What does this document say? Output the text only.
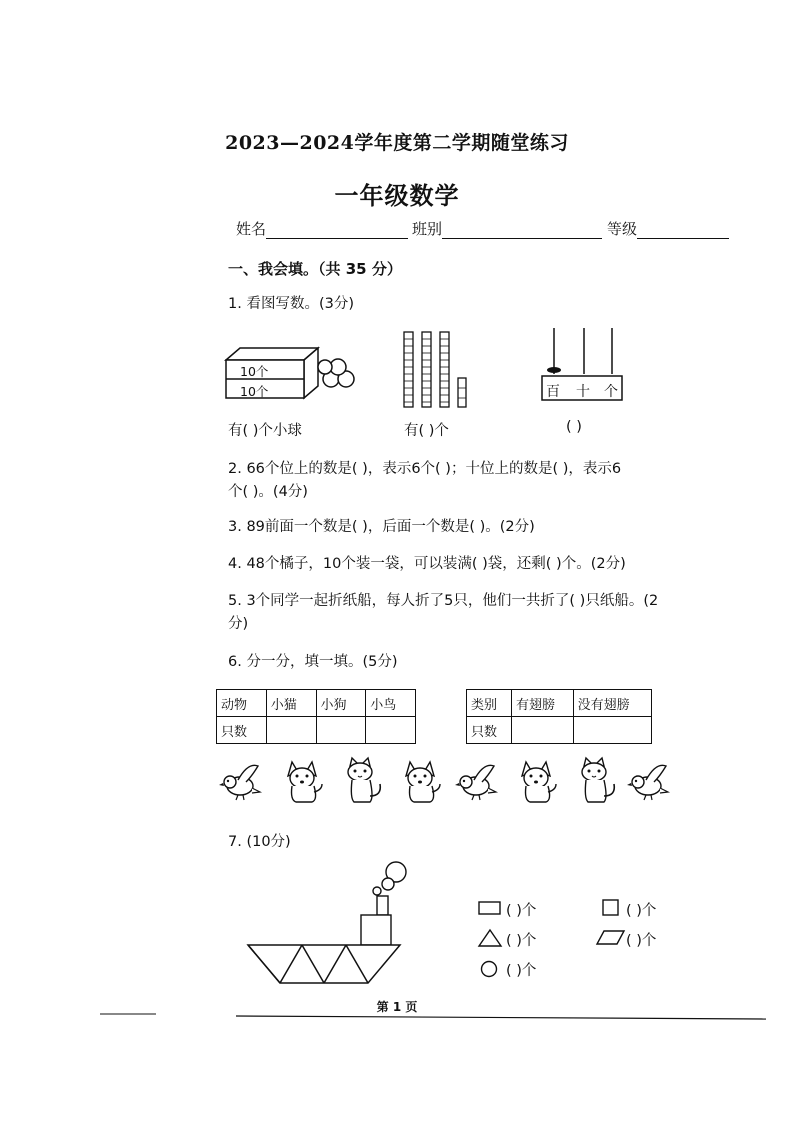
2023—2024学年度第二学期随堂练习
一年级数学
姓名	班别	等级
一、我会填。（共 35 分）
1. 看图写数。(3分)
10个
10个	百 十 个
有( )个小球	有( )个	( )
2. 66个位上的数是( )，表示6个( )；十位上的数是( )，表示6
个( )。(4分)
3. 89前面一个数是( )，后面一个数是( )。(2分)
4. 48个橘子，10个装一袋，可以装满( )袋，还剩( )个。(2分)
5. 3个同学一起折纸船，每人折了5只，他们一共折了( )只纸船。(2
分)
6. 分一分，填一填。(5分)
动物	小猫	小狗	小鸟
只数			
类别	有翅膀	没有翅膀
只数		
7. (10分)
( )个	( )个
( )个	( )个
( )个
第 1 页
